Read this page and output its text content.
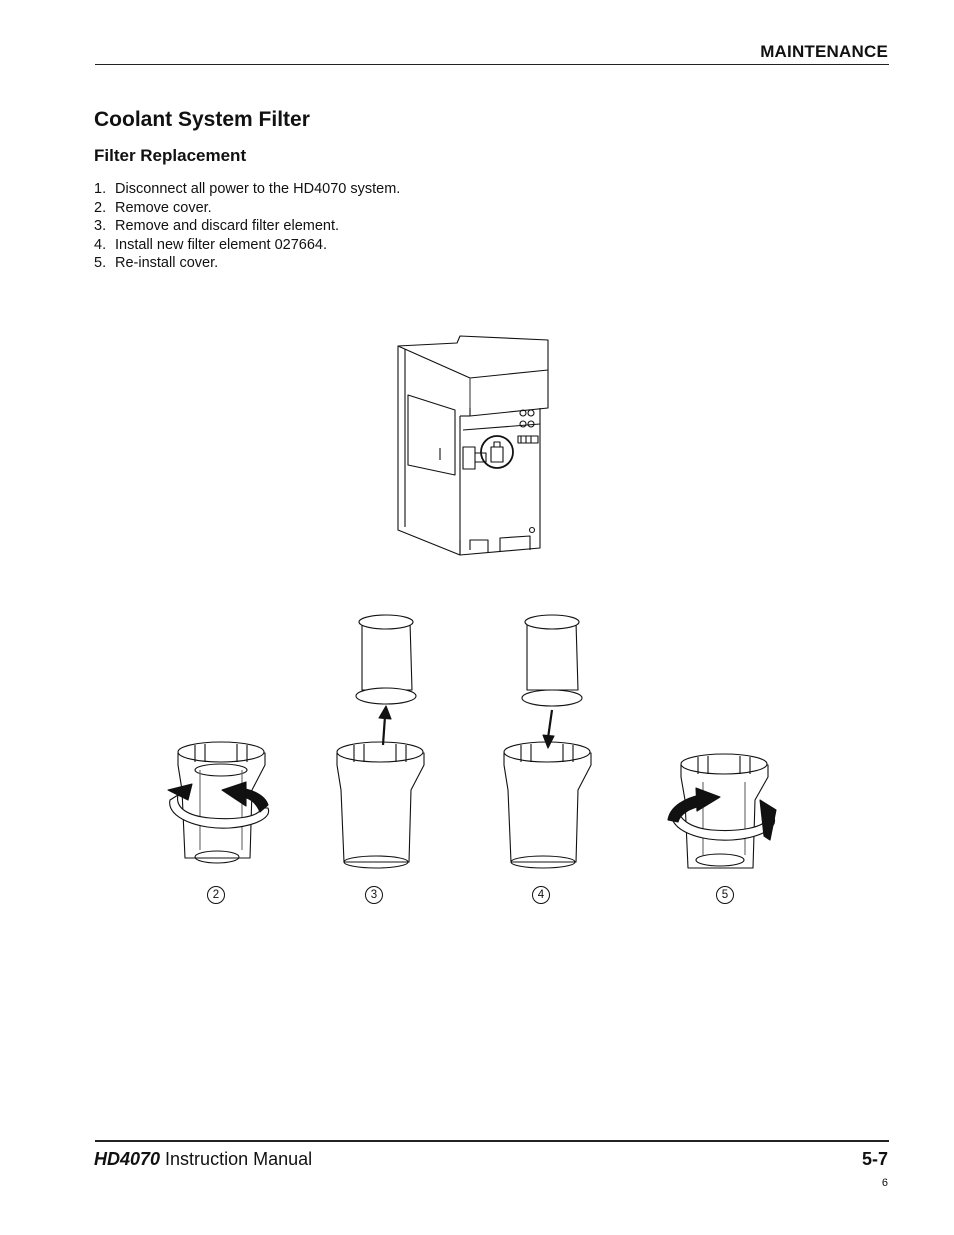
MAINTENANCE
Coolant System Filter
Filter Replacement
1. Disconnect all power to the HD4070 system.
2. Remove cover.
3. Remove and discard filter element.
4. Install new filter element 027664.
5. Re-install cover.
2	3	4	5
HD4070 Instruction Manual	5-7
6
